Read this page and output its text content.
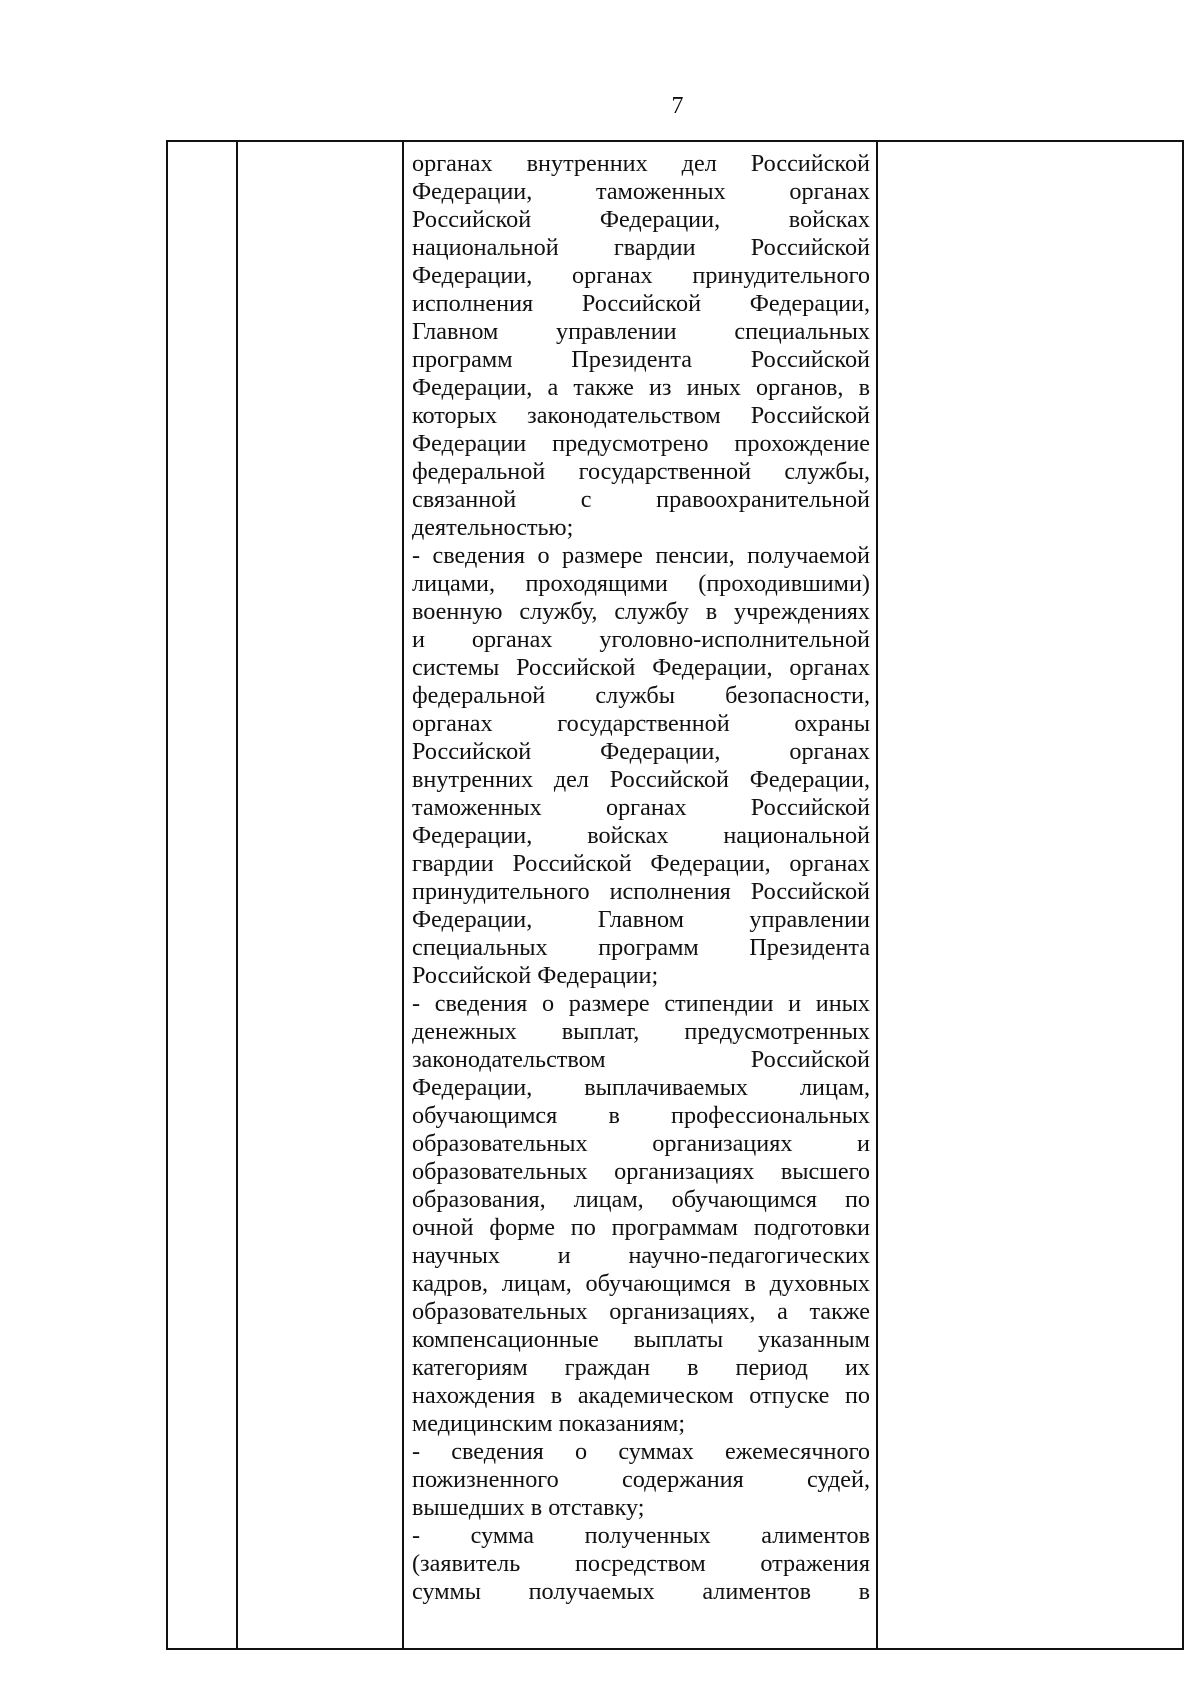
7
органах внутренних дел Российской
Федерации, таможенных органах
Российской Федерации, войсках
национальной гвардии Российской
Федерации, органах принудительного
исполнения Российской Федерации,
Главном управлении специальных
программ Президента Российской
Федерации, а также из иных органов, в
которых законодательством Российской
Федерации предусмотрено прохождение
федеральной государственной службы,
связанной с правоохранительной
деятельностью;
- сведения о размере пенсии, получаемой
лицами, проходящими (проходившими)
военную службу, службу в учреждениях
и органах уголовно-исполнительной
системы Российской Федерации, органах
федеральной службы безопасности,
органах государственной охраны
Российской Федерации, органах
внутренних дел Российской Федерации,
таможенных органах Российской
Федерации, войсках национальной
гвардии Российской Федерации, органах
принудительного исполнения Российской
Федерации, Главном управлении
специальных программ Президента
Российской Федерации;
- сведения о размере стипендии и иных
денежных выплат, предусмотренных
законодательством Российской
Федерации, выплачиваемых лицам,
обучающимся в профессиональных
образовательных организациях и
образовательных организациях высшего
образования, лицам, обучающимся по
очной форме по программам подготовки
научных и научно-педагогических
кадров, лицам, обучающимся в духовных
образовательных организациях, а также
компенсационные выплаты указанным
категориям граждан в период их
нахождения в академическом отпуске по
медицинским показаниям;
- сведения о суммах ежемесячного
пожизненного содержания судей,
вышедших в отставку;
- сумма полученных алиментов
(заявитель посредством отражения
суммы получаемых алиментов в
